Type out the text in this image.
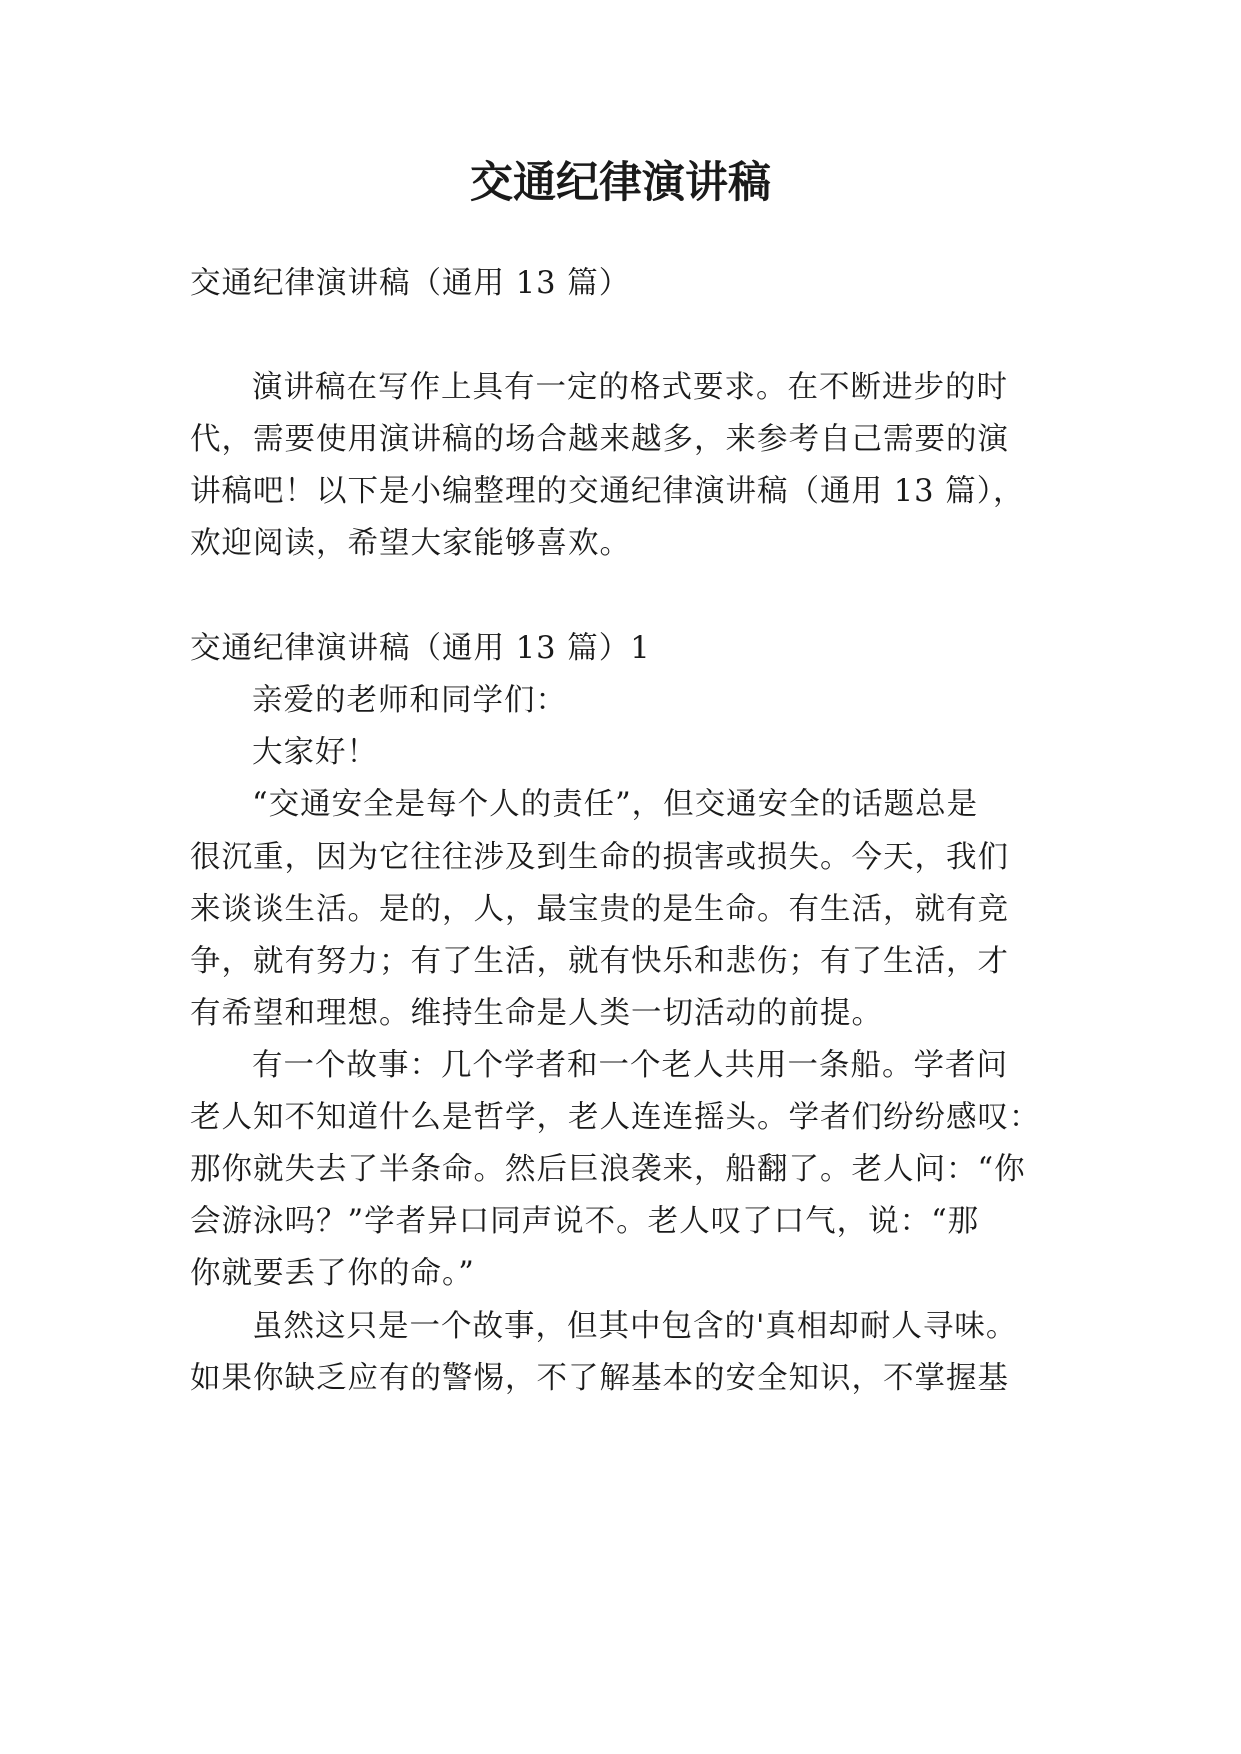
交通纪律演讲稿
交通纪律演讲稿（通用 13 篇）
演讲稿在写作上具有一定的格式要求。在不断进步的时
代，需要使用演讲稿的场合越来越多，来参考自己需要的演
讲稿吧！以下是小编整理的交通纪律演讲稿（通用 13 篇），
欢迎阅读，希望大家能够喜欢。
交通纪律演讲稿（通用 13 篇）1
亲爱的老师和同学们：
大家好！
“交通安全是每个人的责任”，但交通安全的话题总是
很沉重，因为它往往涉及到生命的损害或损失。今天，我们
来谈谈生活。是的，人，最宝贵的是生命。有生活，就有竞
争，就有努力；有了生活，就有快乐和悲伤；有了生活，才
有希望和理想。维持生命是人类一切活动的前提。
有一个故事：几个学者和一个老人共用一条船。学者问
老人知不知道什么是哲学，老人连连摇头。学者们纷纷感叹：
那你就失去了半条命。然后巨浪袭来，船翻了。老人问：“你
会游泳吗？”学者异口同声说不。老人叹了口气，说：“那
你就要丢了你的命。”
虽然这只是一个故事，但其中包含的'真相却耐人寻味。
如果你缺乏应有的警惕，不了解基本的安全知识，不掌握基
